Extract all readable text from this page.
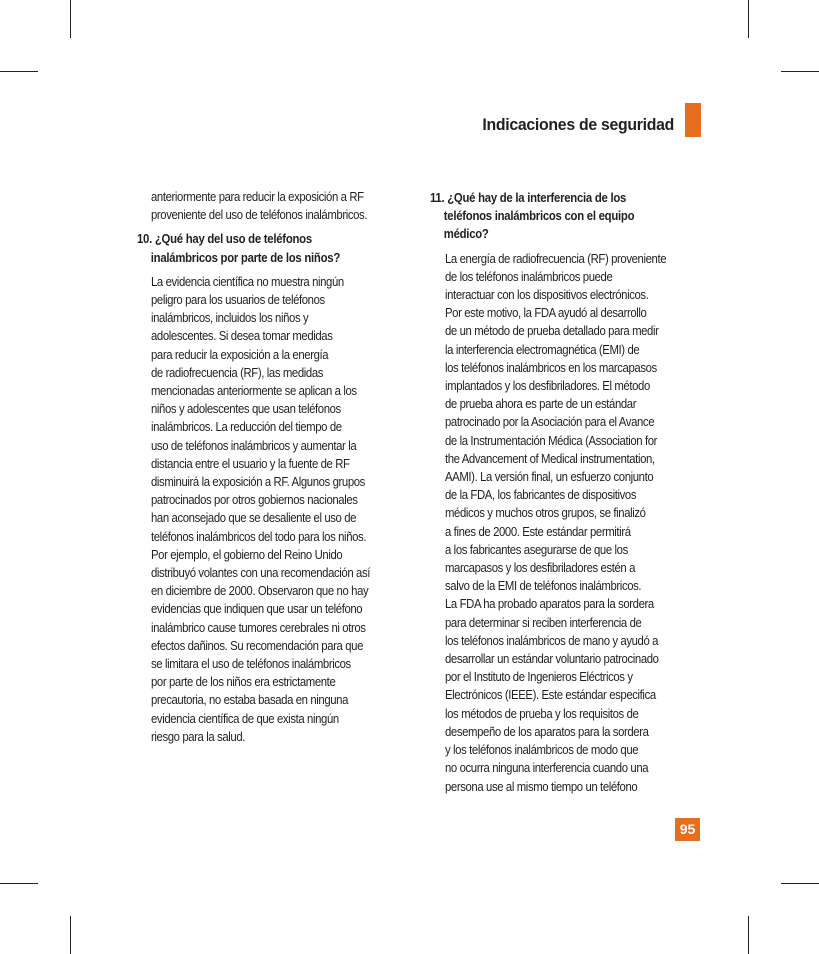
Indicaciones de seguridad

anteriormente para reducir la exposición a RF

proveniente del uso de teléfonos inalámbricos.

10. ¿Qué hay del uso de teléfonos

inalámbricos por parte de los niños?

La evidencia científica no muestra ningún

peligro para los usuarios de teléfonos

inalámbricos, incluidos los niños y

adolescentes. Si desea tomar medidas

para reducir la exposición a la energía

de radiofrecuencia (RF), las medidas

mencionadas anteriormente se aplican a los

niños y adolescentes que usan teléfonos

inalámbricos. La reducción del tiempo de

uso de teléfonos inalámbricos y aumentar la

distancia entre el usuario y la fuente de RF

disminuirá la exposición a RF. Algunos grupos

patrocinados por otros gobiernos nacionales

han aconsejado que se desaliente el uso de

teléfonos inalámbricos del todo para los niños.

Por ejemplo, el gobierno del Reino Unido

distribuyó volantes con una recomendación así

en diciembre de 2000. Observaron que no hay

evidencias que indiquen que usar un teléfono

inalámbrico cause tumores cerebrales ni otros

efectos dañinos. Su recomendación para que

se limitara el uso de teléfonos inalámbricos

por parte de los niños era estrictamente

precautoria, no estaba basada en ninguna

evidencia científica de que exista ningún

riesgo para la salud.

11. ¿Qué hay de la interferencia de los

teléfonos inalámbricos con el equipo

médico?

La energía de radiofrecuencia (RF) proveniente

de los teléfonos inalámbricos puede

interactuar con los dispositivos electrónicos.

Por este motivo, la FDA ayudó al desarrollo

de un método de prueba detallado para medir

la interferencia electromagnética (EMI) de

los teléfonos inalámbricos en los marcapasos

implantados y los desfibriladores. El método

de prueba ahora es parte de un estándar

patrocinado por la Asociación para el Avance

de la Instrumentación Médica (Association for

the Advancement of Medical instrumentation,

AAMI). La versión final, un esfuerzo conjunto

de la FDA, los fabricantes de dispositivos

médicos y muchos otros grupos, se finalizó

a fines de 2000. Este estándar permitirá

a los fabricantes asegurarse de que los

marcapasos y los desfibriladores estén a

salvo de la EMI de teléfonos inalámbricos.

La FDA ha probado aparatos para la sordera

para determinar si reciben interferencia de

los teléfonos inalámbricos de mano y ayudó a

desarrollar un estándar voluntario patrocinado

por el Instituto de Ingenieros Eléctricos y

Electrónicos (IEEE). Este estándar especifica

los métodos de prueba y los requisitos de

desempeño de los aparatos para la sordera

y los teléfonos inalámbricos de modo que

no ocurra ninguna interferencia cuando una

persona use al mismo tiempo un teléfono

95
